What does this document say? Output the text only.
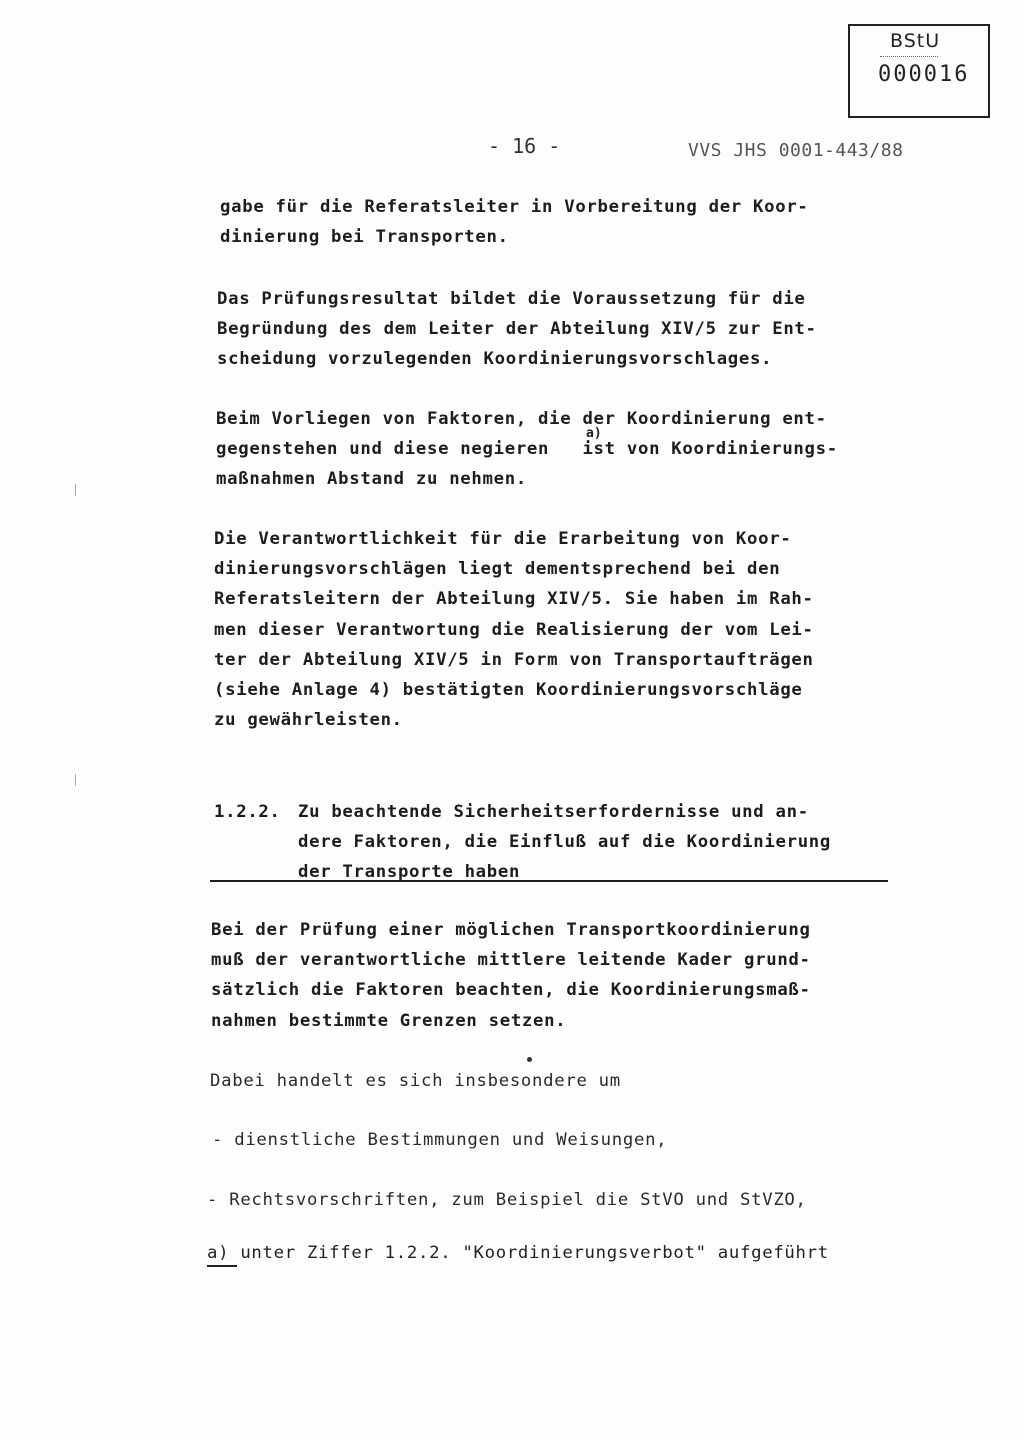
BStU
000016
- 16 -	VVS JHS 0001-443/88
gabe für die Referatsleiter in Vorbereitung der Koor-
dinierung bei Transporten.
Das Prüfungsresultat bildet die Voraussetzung für die
Begründung des dem Leiter der Abteilung XIV/5 zur Ent-
scheidung vorzulegenden Koordinierungsvorschlages.
Beim Vorliegen von Faktoren, die der Koordinierung ent-
gegenstehen und diese negieren   ist von Koordinierungs-
maßnahmen Abstand zu nehmen.
a)
Die Verantwortlichkeit für die Erarbeitung von Koor-
dinierungsvorschlägen liegt dementsprechend bei den
Referatsleitern der Abteilung XIV/5. Sie haben im Rah-
men dieser Verantwortung die Realisierung der vom Lei-
ter der Abteilung XIV/5 in Form von Transportaufträgen
(siehe Anlage 4) bestätigten Koordinierungsvorschläge
zu gewährleisten.
1.2.2. Zu beachtende Sicherheitserfordernisse und an-
dere Faktoren, die Einfluß auf die Koordinierung
der Transporte haben
Bei der Prüfung einer möglichen Transportkoordinierung
muß der verantwortliche mittlere leitende Kader grund-
sätzlich die Faktoren beachten, die Koordinierungsmaß-
nahmen bestimmte Grenzen setzen.
Dabei handelt es sich insbesondere um
- dienstliche Bestimmungen und Weisungen,
- Rechtsvorschriften, zum Beispiel die StVO und StVZO,
a) unter Ziffer 1.2.2. "Koordinierungsverbot" aufgeführt
